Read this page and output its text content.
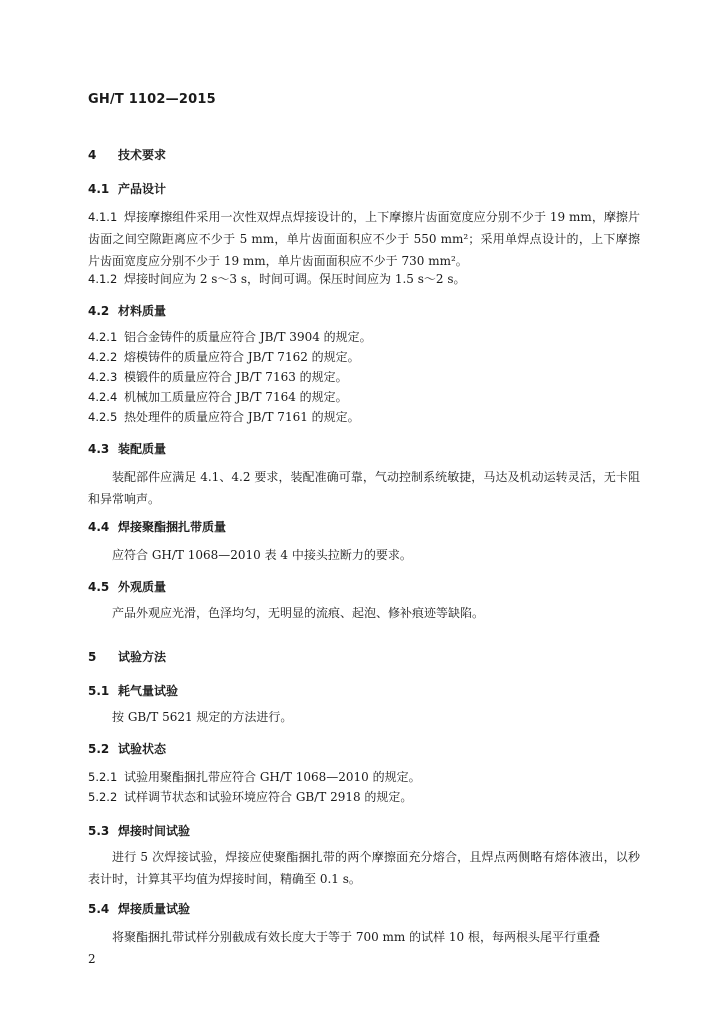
GH/T 1102—2015
4 技术要求
4.1 产品设计
4.1.1 焊接摩擦组件采用一次性双焊点焊接设计的，上下摩擦片齿面宽度应分别不少于 19 mm，摩擦片齿面之间空隙距离应不少于 5 mm，单片齿面面积应不少于 550 mm²；采用单焊点设计的，上下摩擦片齿面宽度应分别不少于 19 mm，单片齿面面积应不少于 730 mm²。
4.1.2 焊接时间应为 2 s～3 s，时间可调。保压时间应为 1.5 s～2 s。
4.2 材料质量
4.2.1 铝合金铸件的质量应符合 JB/T 3904 的规定。
4.2.2 熔模铸件的质量应符合 JB/T 7162 的规定。
4.2.3 模锻件的质量应符合 JB/T 7163 的规定。
4.2.4 机械加工质量应符合 JB/T 7164 的规定。
4.2.5 热处理件的质量应符合 JB/T 7161 的规定。
4.3 装配质量
装配部件应满足 4.1、4.2 要求，装配准确可靠，气动控制系统敏捷，马达及机动运转灵活，无卡阻和异常响声。
4.4 焊接聚酯捆扎带质量
应符合 GH/T 1068—2010 表 4 中接头拉断力的要求。
4.5 外观质量
产品外观应光滑，色泽均匀，无明显的流痕、起泡、修补痕迹等缺陷。
5 试验方法
5.1 耗气量试验
按 GB/T 5621 规定的方法进行。
5.2 试验状态
5.2.1 试验用聚酯捆扎带应符合 GH/T 1068—2010 的规定。
5.2.2 试样调节状态和试验环境应符合 GB/T 2918 的规定。
5.3 焊接时间试验
进行 5 次焊接试验，焊接应使聚酯捆扎带的两个摩擦面充分熔合，且焊点两侧略有熔体液出，以秒表计时，计算其平均值为焊接时间，精确至 0.1 s。
5.4 焊接质量试验
将聚酯捆扎带试样分别截成有效长度大于等于 700 mm 的试样 10 根，每两根头尾平行重叠
2
